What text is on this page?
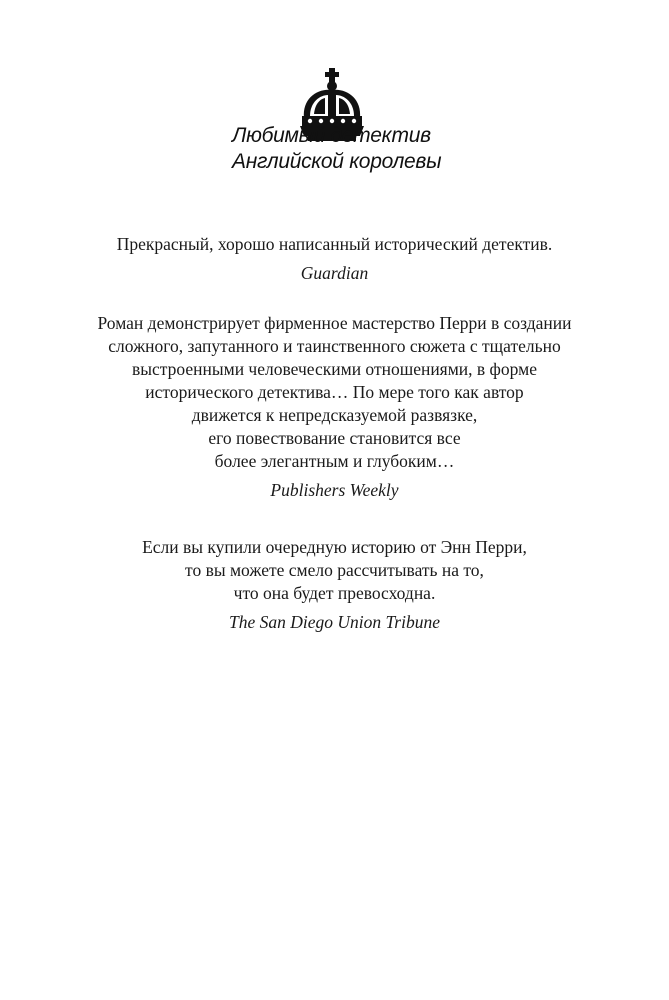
Любимый детектив
Английской королевы
Прекрасный, хорошо написанный исторический детектив.
Guardian
Роман демонстрирует фирменное мастерство Перри в создании
сложного, запутанного и таинственного сюжета с тщательно
выстроенными человеческими отношениями, в форме
исторического детектива… По мере того как автор
движется к непредсказуемой развязке,
его повествование становится все
более элегантным и глубоким…
Publishers Weekly
Если вы купили очередную историю от Энн Перри,
то вы можете смело рассчитывать на то,
что она будет превосходна.
The San Diego Union Tribune
